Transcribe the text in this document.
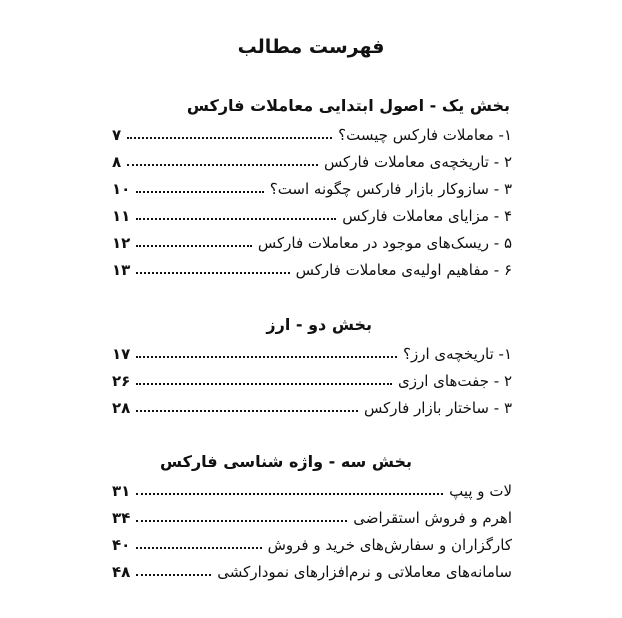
فهرست مطالب
بخش یک - اصول ابتدایی معاملات فارکس
۱- معاملات فارکس چیست؟
۷
۲ - تاریخچه‌ی معاملات فارکس
۸
۳ - سازوکار بازار فارکس چگونه است؟
۱۰
۴ - مزایای معاملات فارکس
۱۱
۵ - ریسک‌های موجود در معاملات فارکس
۱۲
۶ - مفاهیم اولیه‌ی معاملات فارکس
۱۳
بخش دو - ارز
۱- تاریخچه‌ی ارز؟
۱۷
۲ - جفت‌های ارزی
۲۶
۳ - ساختار بازار فارکس
۲۸
بخش سه - واژه شناسی فارکس
لات و پیپ
۳۱
اهرم و فروش استقراضی
۳۴
کارگزاران و سفارش‌های خرید و فروش
۴۰
سامانه‌های معاملاتی و نرم‌افزارهای نمودارکشی
۴۸
